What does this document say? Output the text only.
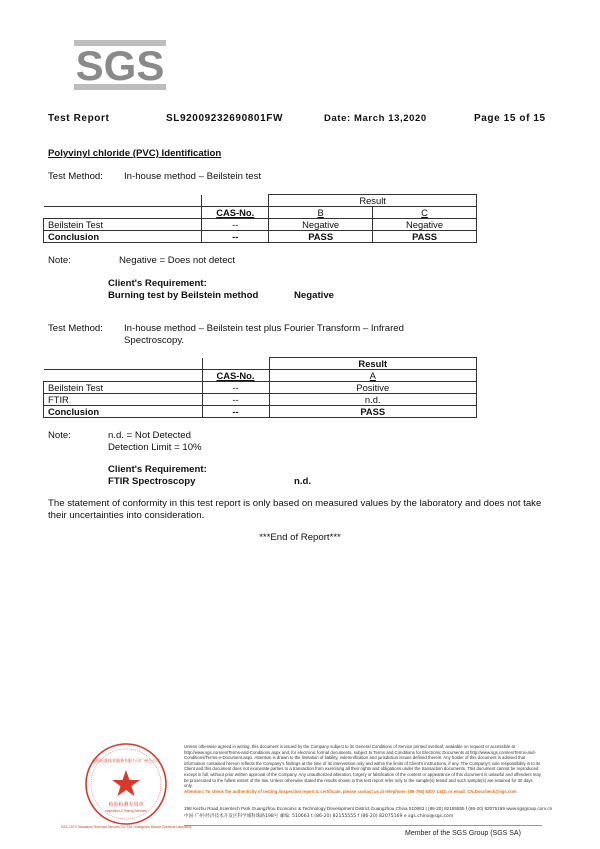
SGS
Test Report	SL92009232690801FW	Date: March 13,2020	Page 15 of 15
Polyvinyl chloride (PVC) Identification
Test Method: In-house method – Beilstein test
		Result	
	CAS-No.	B	C
Beilstein Test	--	Negative	Negative
Conclusion	--	PASS	PASS
Note:	Negative = Does not detect
Client's Requirement:
Burning test by Beilstein method	Negative
Test Method: In-house method – Beilstein test plus Fourier Transform – Infrared
Spectroscopy.
		Result
	CAS-No.	A
Beilstein Test	--	Positive
FTIR	--	n.d.
Conclusion	--	PASS
Note:	n.d. = Not Detected
Detection Limit = 10%
Client's Requirement:
FTIR Spectroscopy	n.d.
The statement of conformity in this test report is only based on measured values by the laboratory and does not take their uncertainties into consideration.
***End of Report***
检验检测专用章
Inspection & Testing Services
通标标准技术服务有限公司广州分公司
SGS-CSTC Standards Technical Services Co., Ltd. Guangzhou Branch Chemical Laboratory
Unless otherwise agreed in writing, this document is issued by the Company subject to its General Conditions of Service printed overleaf, available on request or accessible at http://www.sgs.com/en/Terms-and-Conditions.aspx and, for electronic format documents, subject to Terms and Conditions for Electronic Documents at http://www.sgs.com/en/Terms-and-Conditions/Terms-e-Document.aspx. Attention is drawn to the limitation of liability, indemnification and jurisdiction issues defined therein. Any holder of this document is advised that information contained hereon reflects the Company's findings at the time of its intervention only and within the limits of Client's instructions, if any. The Company's sole responsibility is to its Client and this document does not exonerate parties to a transaction from exercising all their rights and obligations under the transaction documents. This document cannot be reproduced except in full, without prior written approval of the Company. Any unauthorized alteration, forgery or falsification of the content or appearance of this document is unlawful and offenders may be prosecuted to the fullest extent of the law. Unless otherwise stated the results shown in this test report refer only to the sample(s) tested and such sample(s) are retained for 30 days only.
Attention: To check the authenticity of testing /inspection report & certificate, please contact us at telephone: (86-755) 8307 1443, or email: CN.Doccheck@sgs.com
198 Kezhu Road,Scientech Park Guangzhou Economic & Technology Development District,Guangzhou,China 510663 t (86-20) 82155555 f (86-20) 82075169 www.sgsgroup.com.cn
中国·广州·经济技术开发区科学城科珠路198号 邮编: 510663 t (86-20) 82155555 f (86-20) 82075169 e sgs.china@sgs.com
Member of the SGS Group (SGS SA)
